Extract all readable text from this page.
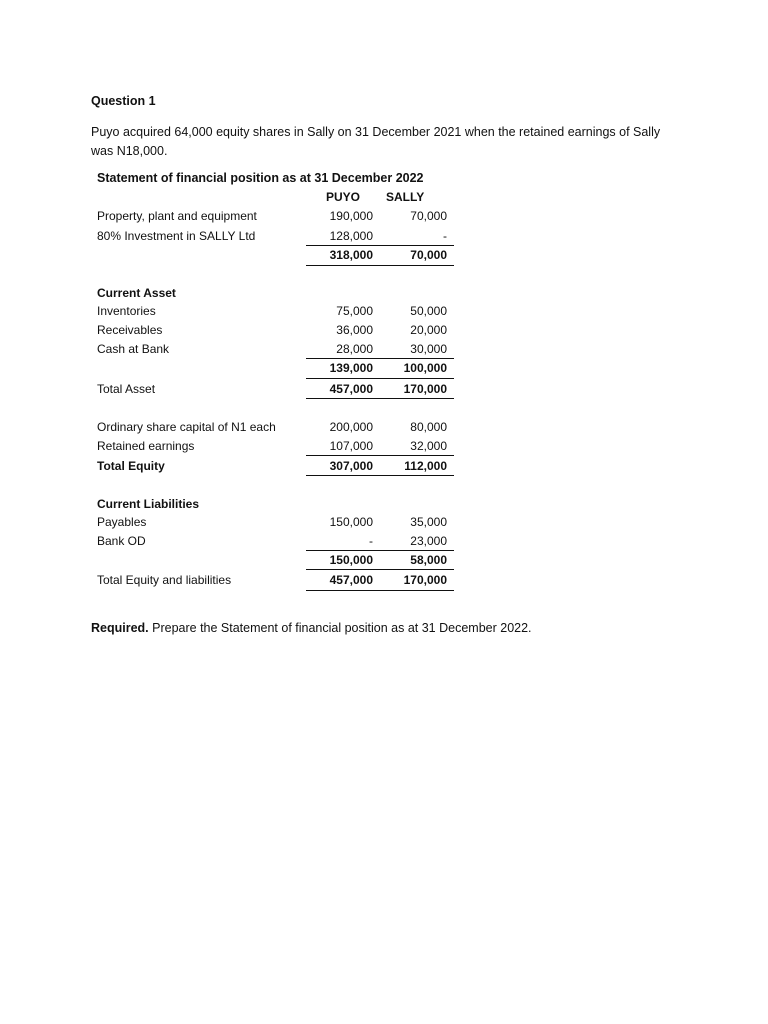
Question 1
Puyo acquired 64,000 equity shares in Sally on 31 December 2021 when the retained earnings of Sally was N18,000.
Statement of financial position as at 31 December 2022
PUYO SALLY
Property, plant and equipment	190,000	70,000
80% Investment in SALLY Ltd	128,000	-
318,000	70,000
Current Asset
Inventories	75,000	50,000
Receivables	36,000	20,000
Cash at Bank	28,000	30,000
139,000	100,000
Total Asset	457,000	170,000
Ordinary share capital of N1 each	200,000	80,000
Retained earnings	107,000	32,000
Total Equity	307,000	112,000
Current Liabilities
Payables	150,000	35,000
Bank OD	-	23,000
150,000	58,000
Total Equity and liabilities	457,000	170,000
Required. Prepare the Statement of financial position as at 31 December 2022.
